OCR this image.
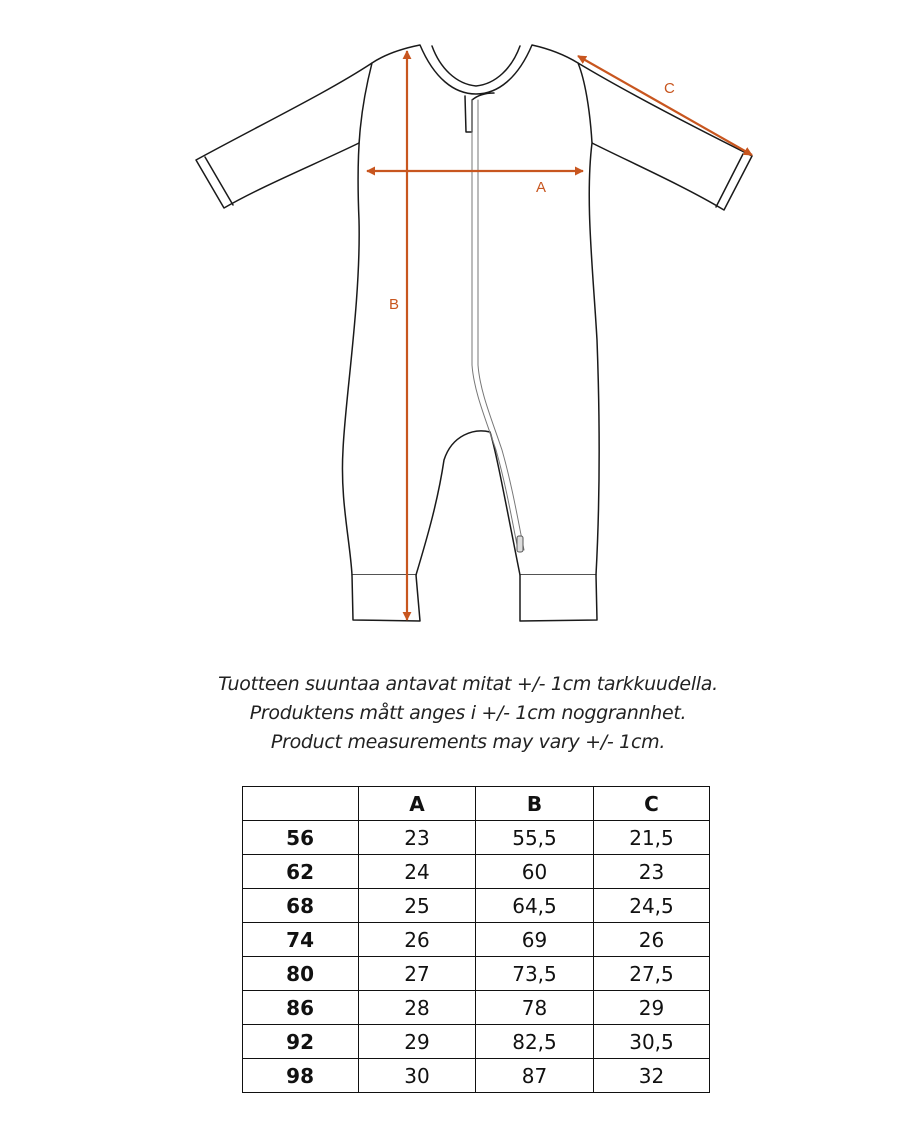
A
B
C
Tuotteen suuntaa antavat mitat +/- 1cm tarkkuudella.
Produktens mått anges i +/- 1cm noggrannhet.
Product measurements may vary +/- 1cm.
	A	B	C
56	23	55,5	21,5
62	24	60	23
68	25	64,5	24,5
74	26	69	26
80	27	73,5	27,5
86	28	78	29
92	29	82,5	30,5
98	30	87	32
